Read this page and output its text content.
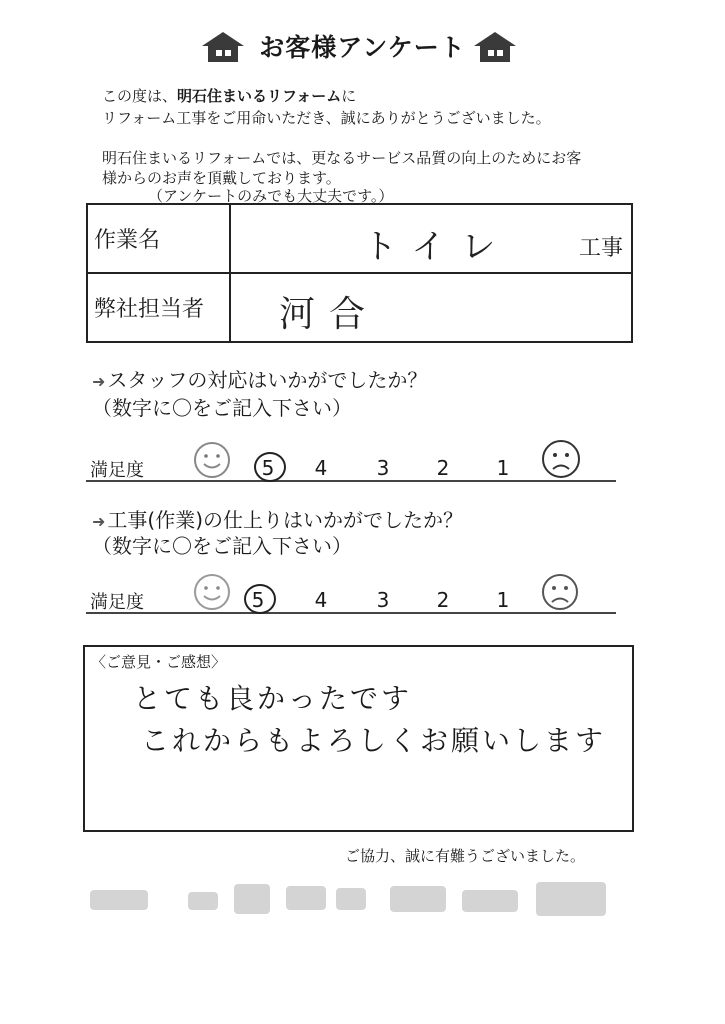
お客様アンケート
この度は、明石住まいるリフォームに
リフォーム工事をご用命いただき、誠にありがとうございました。
明石住まいるリフォームでは、更なるサービス品質の向上のためにお客
様からのお声を頂戴しております。
（アンケートのみでも大丈夫です。）
作業名	トイレ 工事

弊社担当者	河合
➜ スタッフの対応はいかがでしたか？
（数字に〇をご記入下さい）
満足度	5 4 3 2 1
➜ 工事(作業)の仕上りはいかがでしたか？
（数字に〇をご記入下さい）
満足度	5	4 3 2 1
〈ご意見・ご感想〉
とても良かったです
これからもよろしくお願いします
ご協力、誠に有難うございました。
